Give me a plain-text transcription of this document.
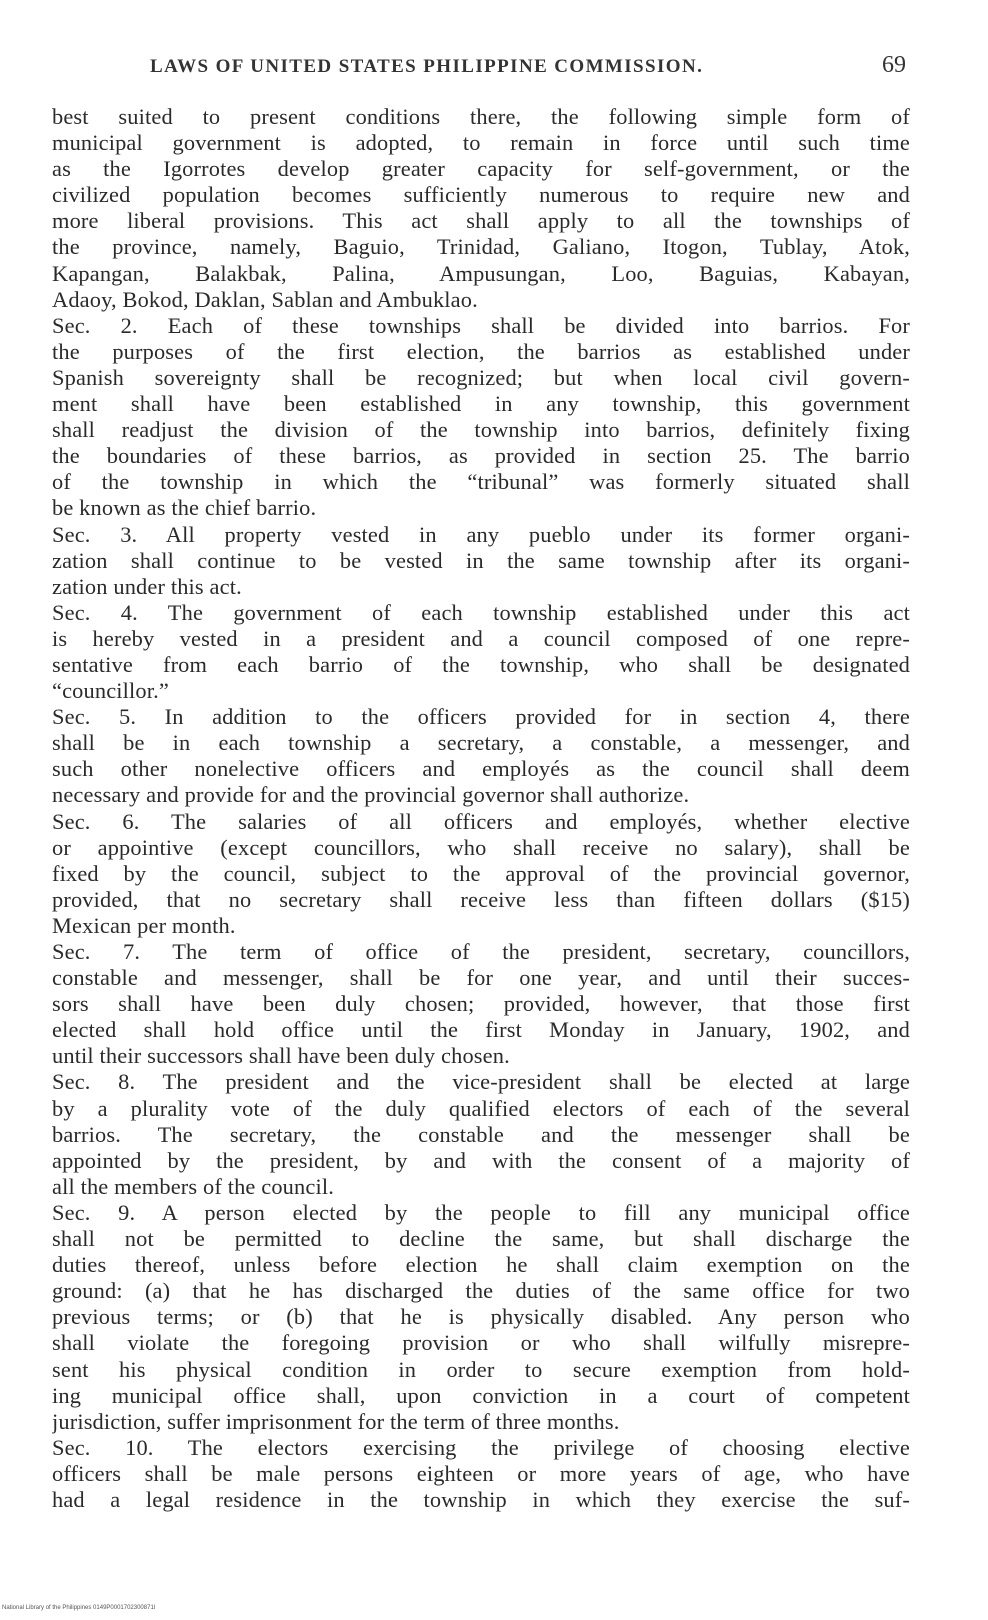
LAWS OF UNITED STATES PHILIPPINE COMMISSION.	69
best suited to present conditions there, the following simple form of
municipal government is adopted, to remain in force until such time
as the Igorrotes develop greater capacity for self-government, or the
civilized population becomes sufficiently numerous to require new and
more liberal provisions. This act shall apply to all the townships of
the province, namely, Baguio, Trinidad, Galiano, Itogon, Tublay, Atok,
Kapangan, Balakbak, Palina, Ampusungan, Loo, Baguias, Kabayan,
Adaoy, Bokod, Daklan, Sablan and Ambuklao.
Sec. 2. Each of these townships shall be divided into barrios. For
the purposes of the first election, the barrios as established under
Spanish sovereignty shall be recognized; but when local civil govern-
ment shall have been established in any township, this government
shall readjust the division of the township into barrios, definitely fixing
the boundaries of these barrios, as provided in section 25. The barrio
of the township in which the “tribunal” was formerly situated shall
be known as the chief barrio.
Sec. 3. All property vested in any pueblo under its former organi-
zation shall continue to be vested in the same township after its organi-
zation under this act.
Sec. 4. The government of each township established under this act
is hereby vested in a president and a council composed of one repre-
sentative from each barrio of the township, who shall be designated
“councillor.”
Sec. 5. In addition to the officers provided for in section 4, there
shall be in each township a secretary, a constable, a messenger, and
such other nonelective officers and employés as the council shall deem
necessary and provide for and the provincial governor shall authorize.
Sec. 6. The salaries of all officers and employés, whether elective
or appointive (except councillors, who shall receive no salary), shall be
fixed by the council, subject to the approval of the provincial governor,
provided, that no secretary shall receive less than fifteen dollars ($15)
Mexican per month.
Sec. 7. The term of office of the president, secretary, councillors,
constable and messenger, shall be for one year, and until their succes-
sors shall have been duly chosen; provided, however, that those first
elected shall hold office until the first Monday in January, 1902, and
until their successors shall have been duly chosen.
Sec. 8. The president and the vice-president shall be elected at large
by a plurality vote of the duly qualified electors of each of the several
barrios. The secretary, the constable and the messenger shall be
appointed by the president, by and with the consent of a majority of
all the members of the council.
Sec. 9. A person elected by the people to fill any municipal office
shall not be permitted to decline the same, but shall discharge the
duties thereof, unless before election he shall claim exemption on the
ground: (a) that he has discharged the duties of the same office for two
previous terms; or (b) that he is physically disabled. Any person who
shall violate the foregoing provision or who shall wilfully misrepre-
sent his physical condition in order to secure exemption from hold-
ing municipal office shall, upon conviction in a court of competent
jurisdiction, suffer imprisonment for the term of three months.
Sec. 10. The electors exercising the privilege of choosing elective
officers shall be male persons eighteen or more years of age, who have
had a legal residence in the township in which they exercise the suf-
National Library of the Philippines 0149P0001702300871I
